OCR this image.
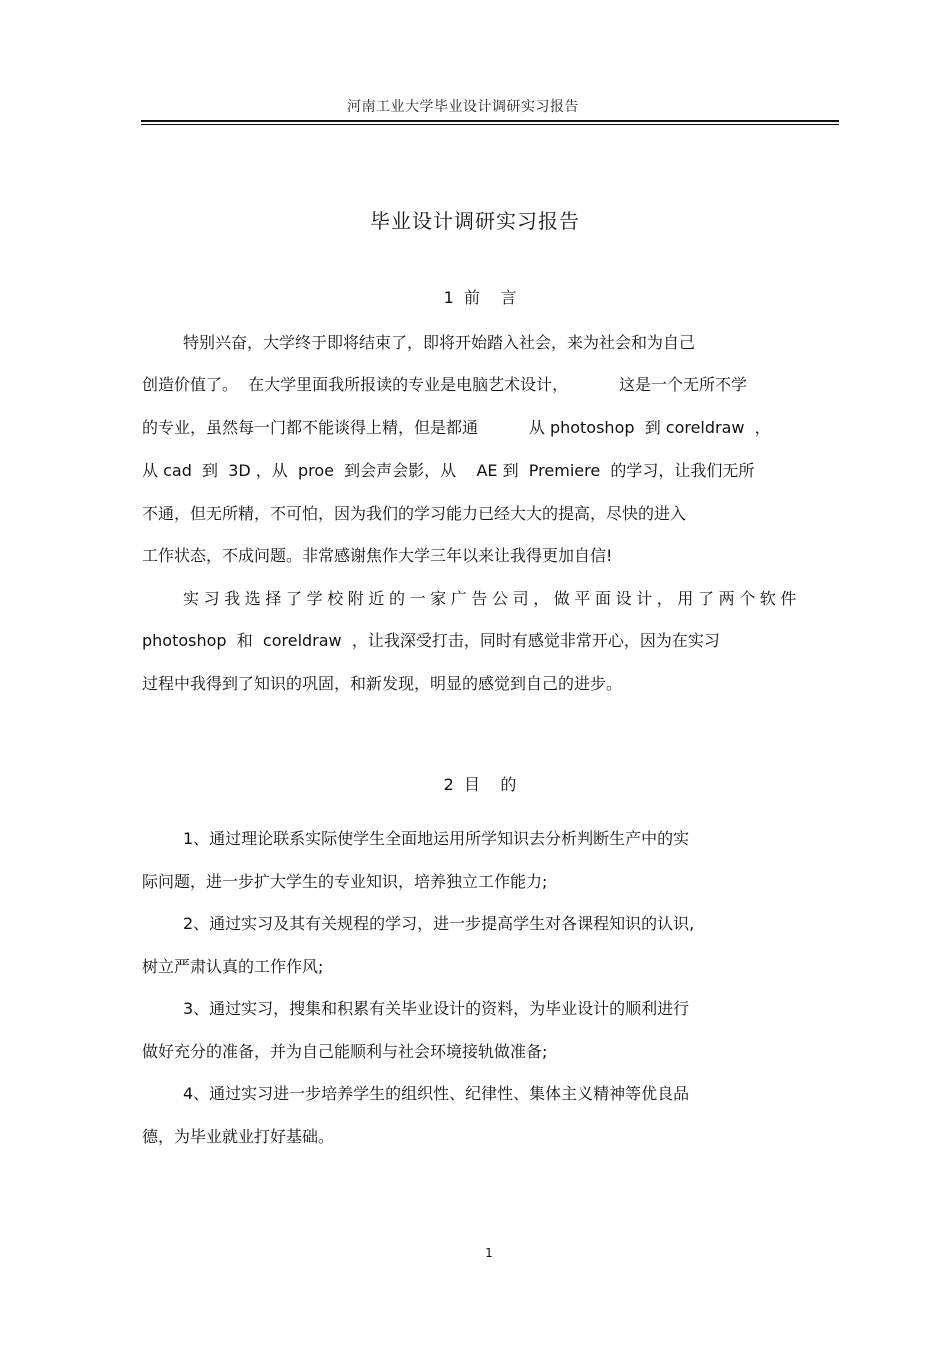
河南工业大学毕业设计调研实习报告
毕业设计调研实习报告
1  前    言
特别兴奋，大学终于即将结束了，即将开始踏入社会，来为社会和为自己
创造价值了。  在大学里面我所报读的专业是电脑艺术设计，          这是一个无所不学
的专业，虽然每一门都不能谈得上精，但是都通          从 photoshop  到 coreldraw  ，
从 cad  到  3D ，从  proe  到会声会影，从    AE 到  Premiere  的学习，让我们无所
不通，但无所精，不可怕，因为我们的学习能力已经大大的提高，尽快的进入
工作状态，不成问题。非常感谢焦作大学三年以来让我得更加自信!
实习我选择了学校附近的一家广告公司，做平面设计，用了两个软件
photoshop  和  coreldraw  ，让我深受打击，同时有感觉非常开心，因为在实习
过程中我得到了知识的巩固，和新发现，明显的感觉到自己的进步。
2  目    的
1、通过理论联系实际使学生全面地运用所学知识去分析判断生产中的实
际问题，进一步扩大学生的专业知识，培养独立工作能力;
2、通过实习及其有关规程的学习，进一步提高学生对各课程知识的认识,
树立严肃认真的工作作风;
3、通过实习，搜集和积累有关毕业设计的资料，为毕业设计的顺利进行
做好充分的准备，并为自己能顺利与社会环境接轨做准备;
4、通过实习进一步培养学生的组织性、纪律性、集体主义精神等优良品
德，为毕业就业打好基础。
1
